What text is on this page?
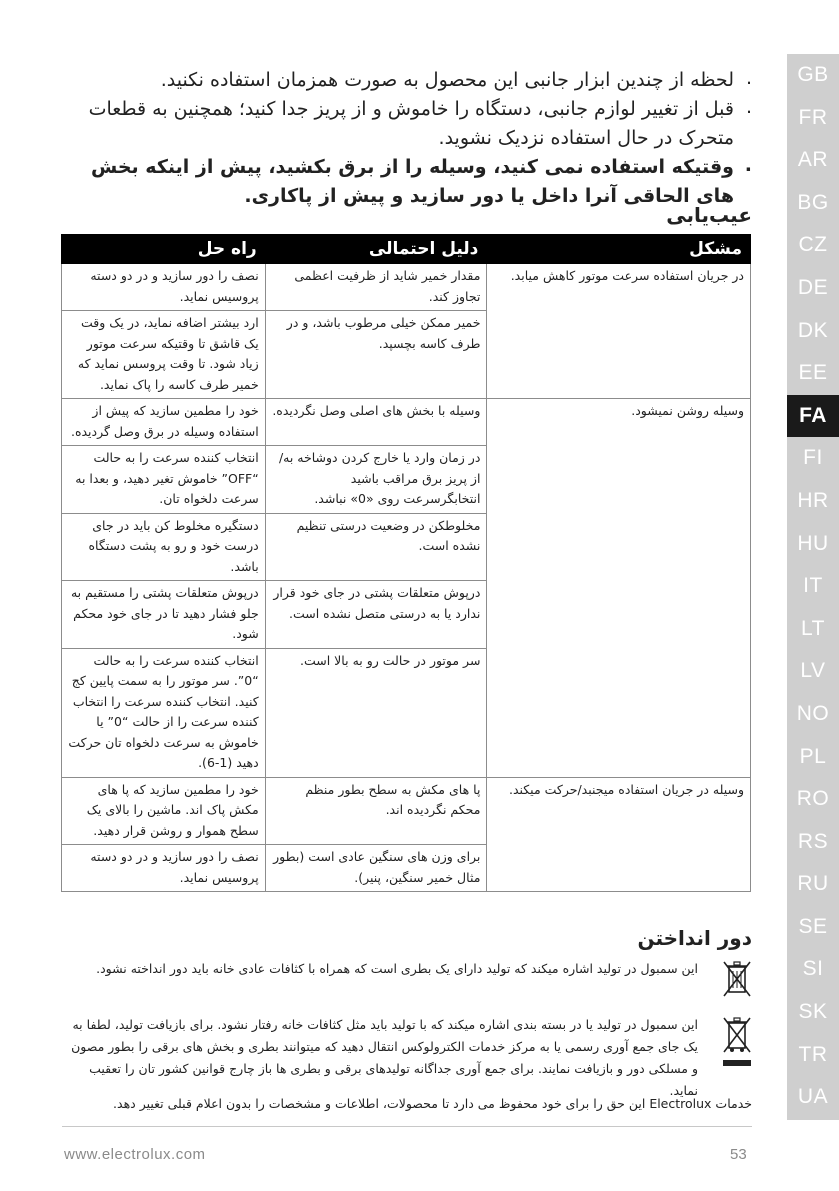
GB
FR
AR
BG
CZ
DE
DK
EE
FA
FI
HR
HU
IT
LT
LV
NO
PL
RO
RS
RU
SE
SI
SK
TR
UA

. لحظه از چندین ابزار جانبی این محصول به صورت همزمان استفاده نکنید.

. قبل از تغییر لوازم جانبی، دستگاه را خاموش و از پریز جدا کنید؛ همچنین به قطعات متحرک در حال استفاده نزدیک نشوید.

. وقتیکه استفاده نمی کنید، وسیله را از برق بکشید، پیش از اینکه بخش های الحاقی آنرا داخل یا دور سازید و پیش از پاکاری.

عیب‌یابی
مشکل	دلیل احتمالی	راه حل
در جریان استفاده سرعت موتور کاهش میابد.	مقدار خمیر شاید از ظرفیت اعظمی تجاوز کند.	نصف را دور سازید و در دو دسته پروسیس نماید.
	خمیر ممکن خیلی مرطوب باشد، و در طرف کاسه بچسپد.	ارد بیشتر اضافه نماید، در یک وقت یک قاشق تا وقتیکه سرعت موتور زیاد شود. تا وقت پروسس نماید که خمیر طرف کاسه را پاک نماید.
وسیله روشن نمیشود.	وسیله با بخش های اصلی وصل نگردیده.	خود را مطمین سازید که پیش از استفاده وسیله در برق وصل گردیده.
	در زمان وارد یا خارج کردن دوشاخه به/از پریز برق مراقب باشید انتخابگرسرعت روی «0» نباشد.	انتخاب کننده سرعت را به حالت “OFF” خاموش تغیر دهید، و بعدا به سرعت دلخواه تان.
	مخلوطکن در وضعیت درستی تنظیم نشده است.	دستگیره مخلوط کن باید در جای درست خود و رو به پشت دستگاه باشد.
	درپوش متعلقات پشتی در جای خود قرار ندارد یا به درستی متصل نشده است.	درپوش متعلقات پشتی را مستقیم به جلو فشار دهید تا در جای خود محکم شود.
	سر موتور در حالت رو به بالا است.	انتخاب کننده سرعت را به حالت “0”. سر موتور را به سمت پایین کج کنید. انتخاب کننده سرعت را انتخاب کننده سرعت را از حالت “0” یا خاموش به سرعت دلخواه تان حرکت دهید (1-6).
وسیله در جریان استفاده میجنبد/حرکت میکند.	پا های مکش به سطح بطور منظم محکم نگردیده اند.	خود را مطمین سازید که پا های مکش پاک اند. ماشین را بالای یک سطح هموار و روشن قرار دهید.
	برای وزن های سنگین عادی است (بطور مثال خمیر سنگین، پنیر).	نصف را دور سازید و در دو دسته پروسیس نماید.
دور انداختن
این سمبول در تولید اشاره میکند که تولید دارای یک بطری است که همراه با کثافات عادی خانه باید دور انداخته نشود.
این سمبول در تولید یا در بسته بندی اشاره میکند که با تولید باید مثل کثافات خانه رفتار نشود. برای بازیافت تولید، لطفا به یک جای جمع آوری رسمی یا به مرکز خدمات الکترولوکس انتقال دهید که میتوانند بطری و بخش های برقی را بطور مصون و مسلکی دور و بازیافت نمایند. برای جمع آوری جداگانه تولیدهای برقی و بطری ها باز چارج قوانین کشور تان را تعقیب نماید.
خدمات Electrolux این حق را برای خود محفوظ می دارد تا محصولات، اطلاعات و مشخصات را بدون اعلام قبلی تغییر دهد.
www.electrolux.com	53
